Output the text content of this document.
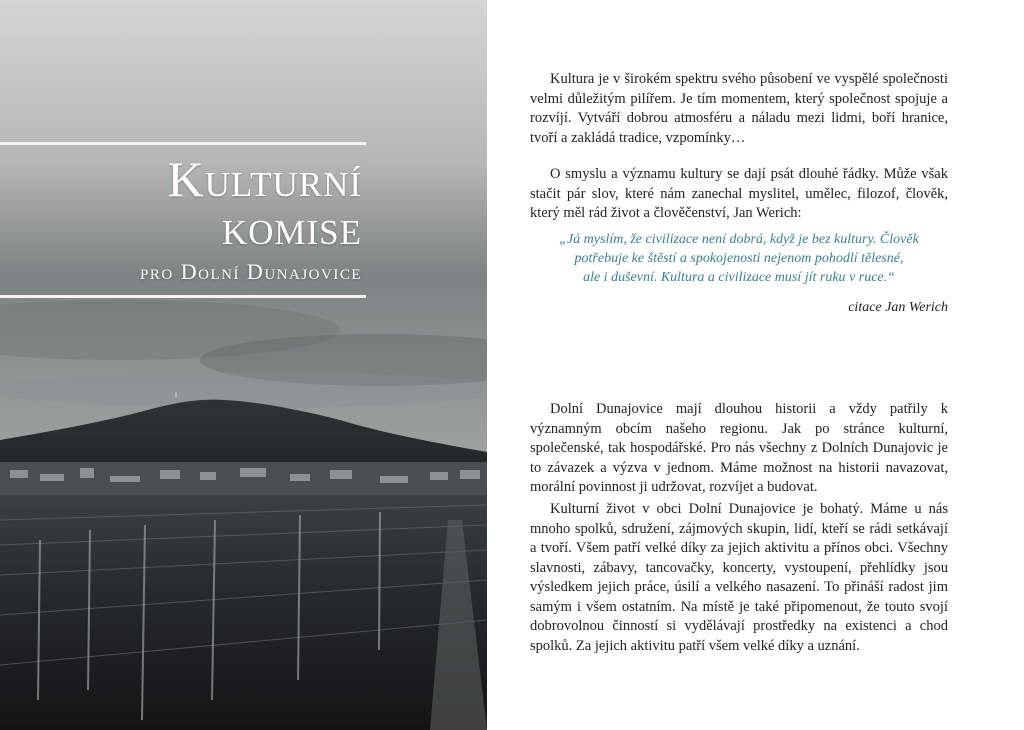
Kulturní
komise
pro Dolní Dunajovice

Kultura je v širokém spektru svého působení ve vyspělé společnosti velmi důležitým pilířem. Je tím momentem, který společnost spojuje a rozvíjí. Vytváří dobrou atmosféru a náladu mezi lidmi, boří hranice, tvoří a zakládá tradice, vzpomínky…

O smyslu a významu kultury se dají psát dlouhé řádky. Může však stačit pár slov, které nám zanechal myslitel, umělec, filozof, člověk, který měl rád život a člověčenství, Jan Werich:

„Já myslím, že civilizace není dobrá, když je bez kultury. Člověk
potřebuje ke štěstí a spokojenosti nejenom pohodlí tělesné,
ale i duševní. Kultura a civilizace musí jít ruku v ruce.“
citace Jan Werich

Dolní Dunajovice mají dlouhou historii a vždy patřily k významným obcím našeho regionu. Jak po stránce kulturní, společenské, tak hospodářské. Pro nás všechny z Dolních Dunajovic je to závazek a výzva v jednom. Máme možnost na historii navazovat, morální povinnost ji udržovat, rozvíjet a budovat.

Kulturní život v obci Dolní Dunajovice je bohatý. Máme u nás mnoho spolků, sdružení, zájmových skupin, lidí, kteří se rádi setkávají a tvoří. Všem patří velké díky za jejich aktivitu a přínos obci. Všechny slavnosti, zábavy, tancovačky, koncerty, vystoupení, přehlídky jsou výsledkem jejich práce, úsilí a velkého nasazení. To přináší radost jim samým i všem ostatním. Na místě je také připomenout, že touto svojí dobrovolnou činností si vydělávají prostředky na existenci a chod spolků. Za jejich aktivitu patří všem velké díky a uznání.
